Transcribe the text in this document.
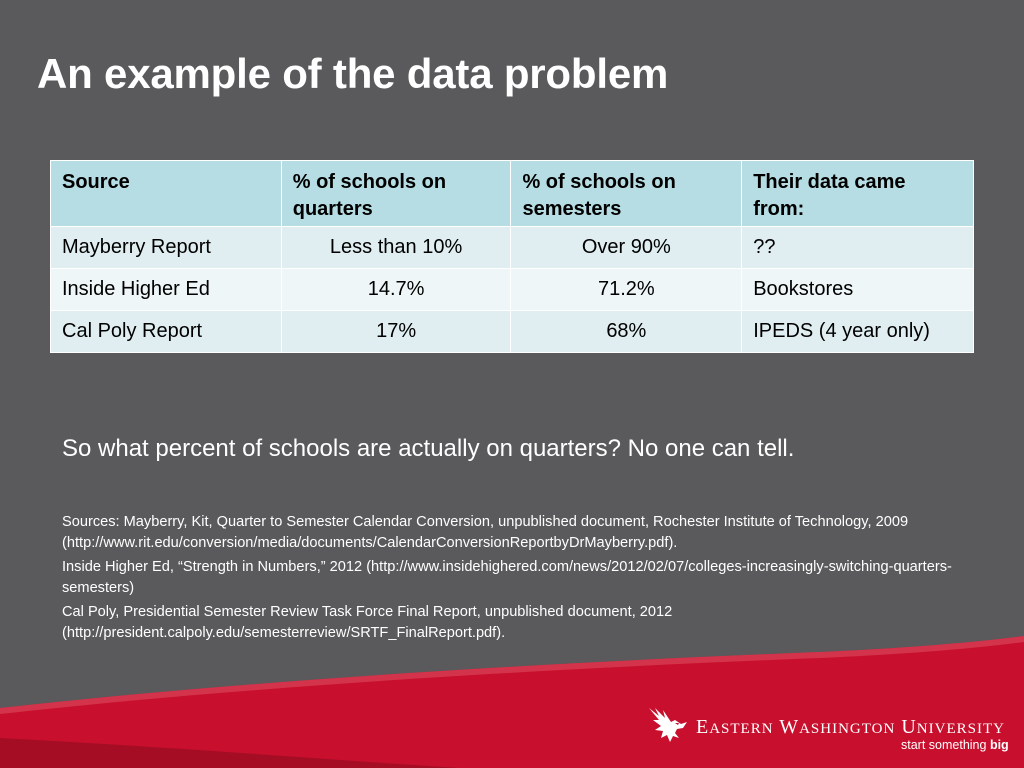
An example of the data problem
Source	% of schools on quarters	% of schools on semesters	Their data came from:
Mayberry Report	Less than 10%	Over 90%	??
Inside Higher Ed	14.7%	71.2%	Bookstores
Cal Poly Report	17%	68%	IPEDS (4 year only)
So what percent of schools are actually on quarters? No one can tell.

Sources: Mayberry, Kit, Quarter to Semester Calendar Conversion, unpublished document, Rochester Institute of Technology, 2009 (http://www.rit.edu/conversion/media/documents/CalendarConversionReportbyDrMayberry.pdf).

Inside Higher Ed, “Strength in Numbers,” 2012 (http://www.insidehighered.com/news/2012/02/07/colleges-increasingly-switching-quarters-semesters)

Cal Poly, Presidential Semester Review Task Force Final Report, unpublished document, 2012 (http://president.calpoly.edu/semesterreview/SRTF_FinalReport.pdf).

EASTERN WASHINGTON UNIVERSITY
start something big
